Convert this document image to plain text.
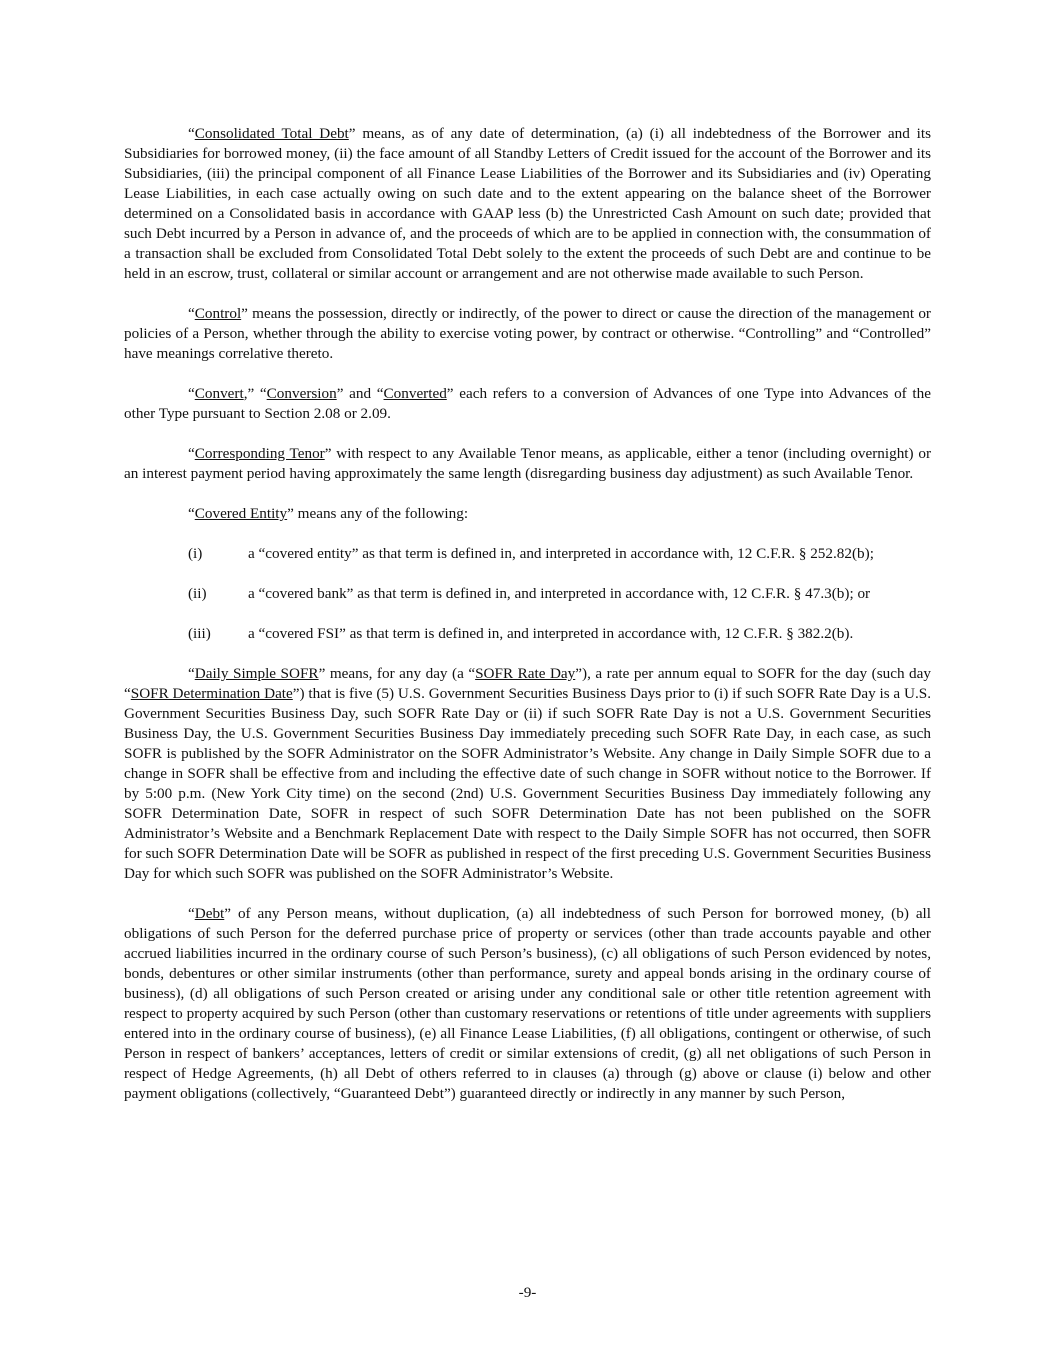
“Consolidated Total Debt” means, as of any date of determination, (a) (i) all indebtedness of the Borrower and its Subsidiaries for borrowed money, (ii) the face amount of all Standby Letters of Credit issued for the account of the Borrower and its Subsidiaries, (iii) the principal component of all Finance Lease Liabilities of the Borrower and its Subsidiaries and (iv) Operating Lease Liabilities, in each case actually owing on such date and to the extent appearing on the balance sheet of the Borrower determined on a Consolidated basis in accordance with GAAP less (b) the Unrestricted Cash Amount on such date; provided that such Debt incurred by a Person in advance of, and the proceeds of which are to be applied in connection with, the consummation of a transaction shall be excluded from Consolidated Total Debt solely to the extent the proceeds of such Debt are and continue to be held in an escrow, trust, collateral or similar account or arrangement and are not otherwise made available to such Person.

“Control” means the possession, directly or indirectly, of the power to direct or cause the direction of the management or policies of a Person, whether through the ability to exercise voting power, by contract or otherwise. “Controlling” and “Controlled” have meanings correlative thereto.

“Convert,” “Conversion” and “Converted” each refers to a conversion of Advances of one Type into Advances of the other Type pursuant to Section 2.08 or 2.09.

“Corresponding Tenor” with respect to any Available Tenor means, as applicable, either a tenor (including overnight) or an interest payment period having approximately the same length (disregarding business day adjustment) as such Available Tenor.

“Covered Entity” means any of the following:

(i)	a “covered entity” as that term is defined in, and interpreted in accordance with, 12 C.F.R. § 252.82(b);
(ii)	a “covered bank” as that term is defined in, and interpreted in accordance with, 12 C.F.R. § 47.3(b); or
(iii)	a “covered FSI” as that term is defined in, and interpreted in accordance with, 12 C.F.R. § 382.2(b).

“Daily Simple SOFR” means, for any day (a “SOFR Rate Day”), a rate per annum equal to SOFR for the day (such day “SOFR Determination Date”) that is five (5) U.S. Government Securities Business Days prior to (i) if such SOFR Rate Day is a U.S. Government Securities Business Day, such SOFR Rate Day or (ii) if such SOFR Rate Day is not a U.S. Government Securities Business Day, the U.S. Government Securities Business Day immediately preceding such SOFR Rate Day, in each case, as such SOFR is published by the SOFR Administrator on the SOFR Administrator’s Website. Any change in Daily Simple SOFR due to a change in SOFR shall be effective from and including the effective date of such change in SOFR without notice to the Borrower. If by 5:00 p.m. (New York City time) on the second (2nd) U.S. Government Securities Business Day immediately following any SOFR Determination Date, SOFR in respect of such SOFR Determination Date has not been published on the SOFR Administrator’s Website and a Benchmark Replacement Date with respect to the Daily Simple SOFR has not occurred, then SOFR for such SOFR Determination Date will be SOFR as published in respect of the first preceding U.S. Government Securities Business Day for which such SOFR was published on the SOFR Administrator’s Website.

“Debt” of any Person means, without duplication, (a) all indebtedness of such Person for borrowed money, (b) all obligations of such Person for the deferred purchase price of property or services (other than trade accounts payable and other accrued liabilities incurred in the ordinary course of such Person’s business), (c) all obligations of such Person evidenced by notes, bonds, debentures or other similar instruments (other than performance, surety and appeal bonds arising in the ordinary course of business), (d) all obligations of such Person created or arising under any conditional sale or other title retention agreement with respect to property acquired by such Person (other than customary reservations or retentions of title under agreements with suppliers entered into in the ordinary course of business), (e) all Finance Lease Liabilities, (f) all obligations, contingent or otherwise, of such Person in respect of bankers’ acceptances, letters of credit or similar extensions of credit, (g) all net obligations of such Person in respect of Hedge Agreements, (h) all Debt of others referred to in clauses (a) through (g) above or clause (i) below and other payment obligations (collectively, “Guaranteed Debt”) guaranteed directly or indirectly in any manner by such Person,

-9-
